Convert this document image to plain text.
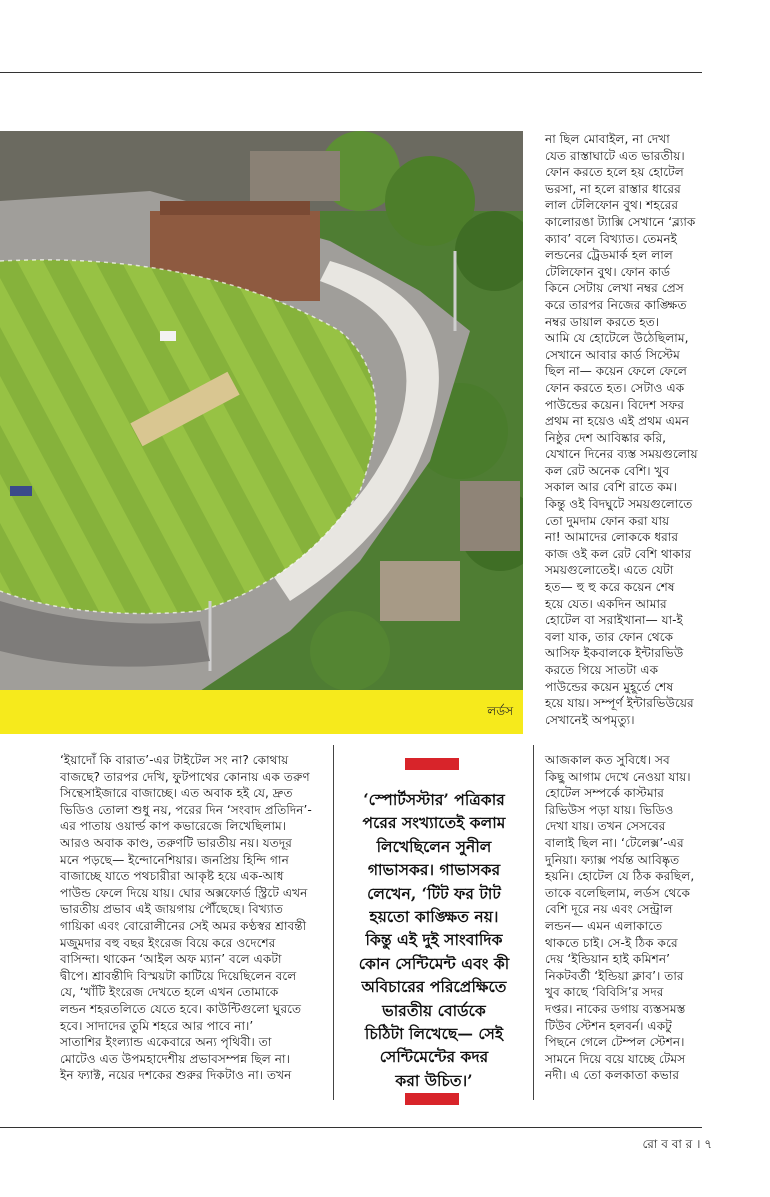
লর্ডস

না ছিল মোবাইল, না দেখা

যেত রাস্তাঘাটে এত ভারতীয়।

ফোন করতে হলে হয় হোটেল

ভরসা, না হলে রাস্তার ধারের

লাল টেলিফোন বুথ। শহরের

কালোরঙা ট্যাক্সি সেখানে ‘ব্ল্যাক

ক্যাব’ বলে বিখ্যাত। তেমনই

লন্ডনের ট্রেডমার্ক হল লাল

টেলিফোন বুথ। ফোন কার্ড

কিনে সেটায় লেখা নম্বর প্রেস

করে তারপর নিজের কাঙ্ক্ষিত

নম্বর ডায়াল করতে হত।

আমি যে হোটেলে উঠেছিলাম,

সেখানে আবার কার্ড সিস্টেম

ছিল না— কয়েন ফেলে ফেলে

ফোন করতে হত। সেটাও এক

পাউন্ডের কয়েন। বিদেশ সফর

প্রথম না হয়েও এই প্রথম এমন

নিষ্ঠুর দেশ আবিষ্কার করি,

যেখানে দিনের ব্যস্ত সময়গুলোয়

কল রেট অনেক বেশি। খুব

সকাল আর বেশি রাতে কম।

কিন্তু ওই বিদঘুটে সময়গুলোতে

তো দুমদাম ফোন করা যায়

না! আমাদের লোককে ধরার

কাজ ওই কল রেট বেশি থাকার

সময়গুলোতেই। এতে যেটা

হত— হু হু করে কয়েন শেষ

হয়ে যেত। একদিন আমার

হোটেল বা সরাইখানা— যা-ই

বলা যাক, তার ফোন থেকে

আসিফ ইকবালকে ইন্টারভিউ

করতে গিয়ে সাতটা এক

পাউন্ডের কয়েন মুহূর্তে শেষ

হয়ে যায়। সম্পূর্ণ ইন্টারভিউয়ের

সেখানেই অপমৃত্যু।

‘ইয়াদোঁ কি বারাত’-এর টাইটেল সং না? কোথায়

বাজছে? তারপর দেখি, ফুটপাথের কোনায় এক তরুণ

সিন্থেসাইজারে বাজাচ্ছে। এত অবাক হই যে, দ্রুত

ভিডিও তোলা শুধু নয়, পরের দিন ‘সংবাদ প্রতিদিন’-

এর পাতায় ওয়ার্ল্ড কাপ কভারেজে লিখেছিলাম।

আরও অবাক কাণ্ড, তরুণটি ভারতীয় নয়। যতদূর

মনে পড়ছে— ইন্দোনেশিয়ার। জনপ্রিয় হিন্দি গান

বাজাচ্ছে যাতে পথচারীরা আকৃষ্ট হয়ে এক-আধ

পাউন্ড ফেলে দিয়ে যায়। ঘোর অক্সফোর্ড স্ট্রিটে এখন

ভারতীয় প্রভাব এই জায়গায় পৌঁছেছে। বিখ্যাত

গায়িকা এবং বোরোলীনের সেই অমর কণ্ঠস্বর শ্রাবন্তী

মজুমদার বহু বছর ইংরেজ বিয়ে করে ওদেশের

বাসিন্দা। থাকেন ‘আইল অফ ম্যান’ বলে একটা

দ্বীপে। শ্রাবন্তীদি বিস্ময়টা কাটিয়ে দিয়েছিলেন বলে

যে, ‘খাঁটি ইংরেজ দেখতে হলে এখন তোমাকে

লন্ডন শহরতলিতে যেতে হবে। কাউন্টিগুলো ঘুরতে

হবে। সাদাদের তুমি শহরে আর পাবে না।’

সাতাশির ইংল্যান্ড একেবারে অন্য পৃথিবী। তা

মোটেও এত উপমহাদেশীয় প্রভাবসম্পন্ন ছিল না।

ইন ফ্যাক্ট, নয়ের দশকের শুরুর দিকটাও না। তখন

‘স্পোর্টসস্টার’ পত্রিকার

পরের সংখ্যাতেই কলাম

লিখেছিলেন সুনীল

গাভাসকর। গাভাসকর

লেখেন, ‘টিট ফর টাট

হয়তো কাঙ্ক্ষিত নয়।

কিন্তু এই দুই সাংবাদিক

কোন সেন্টিমেন্ট এবং কী

অবিচারের পরিপ্রেক্ষিতে

ভারতীয় বোর্ডকে

চিঠিটা লিখেছে— সেই

সেন্টিমেন্টের কদর

করা উচিত।’

আজকাল কত সুবিধে। সব

কিছু আগাম দেখে নেওয়া যায়।

হোটেল সম্পর্কে কাস্টমার

রিভিউস পড়া যায়। ভিডিও

দেখা যায়। তখন সেসবের

বালাই ছিল না। ‘টেলেক্স’-এর

দুনিয়া। ফ্যাক্স পর্যন্ত আবিষ্কৃত

হয়নি। হোটেল যে ঠিক করছিল,

তাকে বলেছিলাম, লর্ডস থেকে

বেশি দূরে নয় এবং সেন্ট্রাল

লন্ডন— এমন এলাকাতে

থাকতে চাই। সে-ই ঠিক করে

দেয় ‘ইন্ডিয়ান হাই কমিশন’

নিকটবর্তী ‘ইন্ডিয়া ক্লাব’। তার

খুব কাছে ‘বিবিসি’র সদর

দপ্তর। নাকের ডগায় ব্যস্তসমস্ত

টিউব স্টেশন হলবর্ন। একটু

পিছনে গেলে টেম্পল স্টেশন।

সামনে দিয়ে বয়ে যাচ্ছে টেমস

নদী। এ তো কলকাতা কভার

রো ব বা র । ৭
